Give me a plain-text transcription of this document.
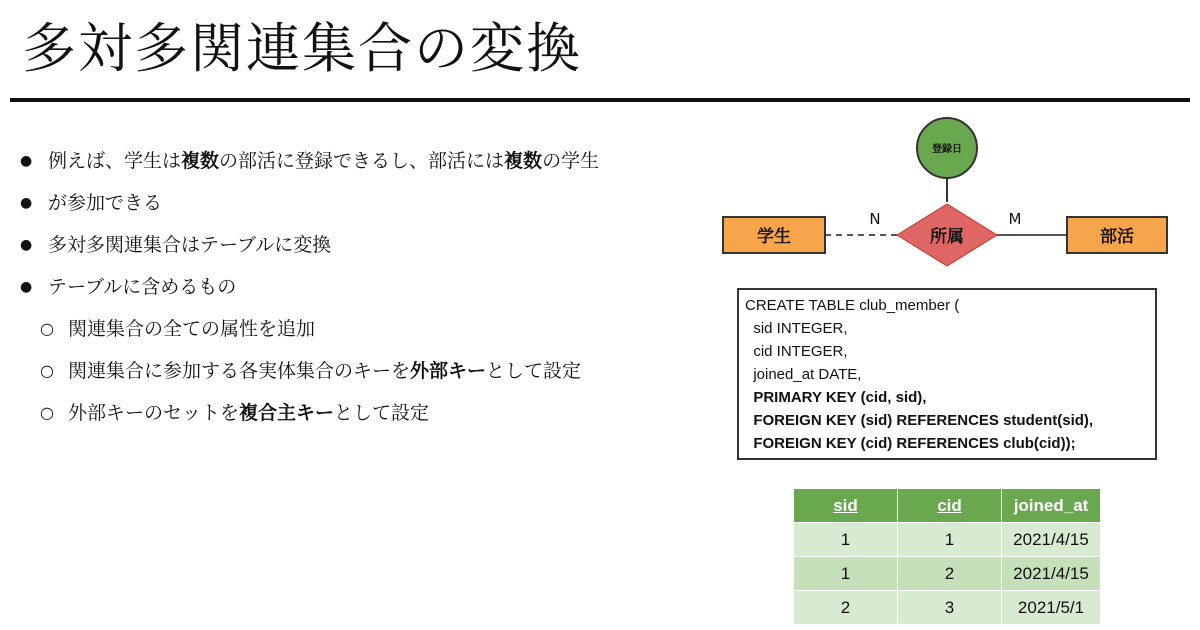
多対多関連集合の変換
● 例えば、学生は複数の部活に登録できるし、部活には複数の学生
● が参加できる
● 多対多関連集合はテーブルに変換
● テーブルに含めるもの
○ 関連集合の全ての属性を追加
○ 関連集合に参加する各実体集合のキーを外部キーとして設定
○ 外部キーのセットを複合主キーとして設定
登録日
所属
学生	部活
N	M
CREATE TABLE club_member (
sid INTEGER,
cid INTEGER,
joined_at DATE,
PRIMARY KEY (cid, sid),
FOREIGN KEY (sid) REFERENCES student(sid),
FOREIGN KEY (cid) REFERENCES club(cid));
sid	cid	joined_at
1	1	2021/4/15
1	2	2021/4/15
2	3	2021/5/1
